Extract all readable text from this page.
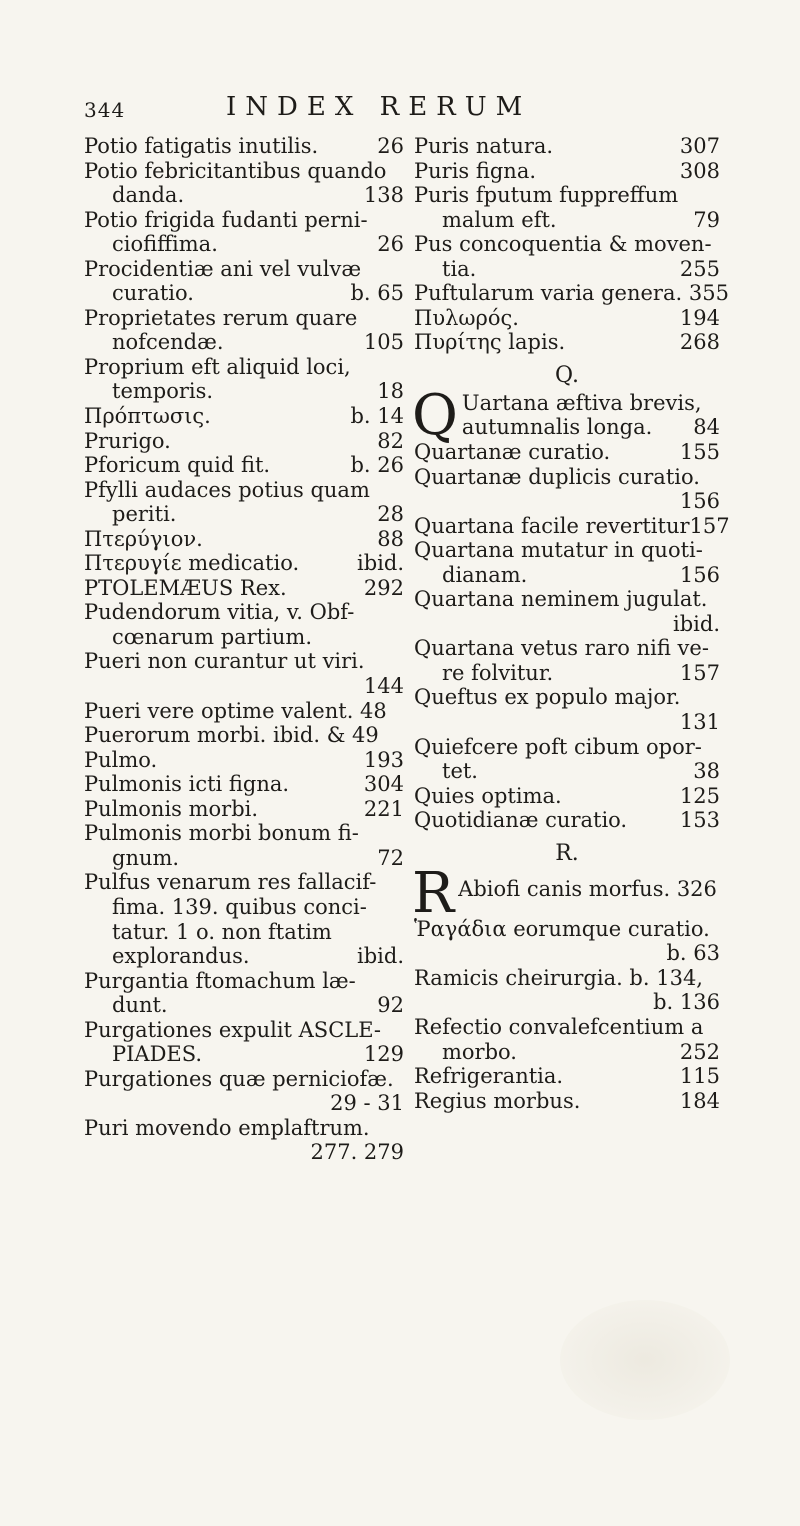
344	INDEX RERUM
Potio fatigatis inutilis.	26
Potio febricitantibus quando
danda.	138
Potio frigida fudanti perni-
ciofiffima.	26
Procidentiæ ani vel vulvæ
curatio.	b. 65
Proprietates rerum quare
nofcendæ.	105
Proprium eft aliquid loci,
temporis.	18
Πρόπτωσις.	b. 14
Prurigo.	82
Pforicum quid fit.	b. 26
Pfylli audaces potius quam
periti.	28
Πτερύγιον.	88
Πτερυγίε medicatio.	ibid.
PTOLEMÆUS Rex.	292
Pudendorum vitia, v. Obf-
cœnarum partium.
Pueri non curantur ut viri.
144
Pueri vere optime valent. 48
Puerorum morbi. ibid. & 49
Pulmo.	193
Pulmonis icti figna.	304
Pulmonis morbi.	221
Pulmonis morbi bonum fi-
gnum.	72
Pulfus venarum res fallacif-
fima. 139. quibus conci-
tatur. 1 o. non ftatim
explorandus.	ibid.
Purgantia ftomachum læ-
dunt.	92
Purgationes expulit ASCLE-
PIADES.	129
Purgationes quæ perniciofæ.
29 - 31
Puri movendo emplaftrum.
277. 279
Puris natura.	307
Puris figna.	308
Puris fputum fuppreffum
malum eft.	79
Pus concoquentia & moven-
tia.	255
Puftularum varia genera. 355
Πυλωρός.	194
Πυρίτης lapis.	268
Q.
Q Uartana æftiva brevis,
autumnalis longa. 84
Quartanæ curatio.	155
Quartanæ duplicis curatio.
156
Quartana facile revertitur157
Quartana mutatur in quoti-
dianam.	156
Quartana neminem jugulat.
ibid.
Quartana vetus raro nifi ve-
re folvitur.	157
Queftus ex populo major.
131
Quiefcere poft cibum opor-
tet.	38
Quies optima.	125
Quotidianæ curatio.	153
R.
R Abiofi canis morfus. 326
Ῥαγάδια eorumque curatio.
b. 63
Ramicis cheirurgia. b. 134,
b. 136
Refectio convalefcentium a
morbo.	252
Refrigerantia.	115
Regius morbus.	184
